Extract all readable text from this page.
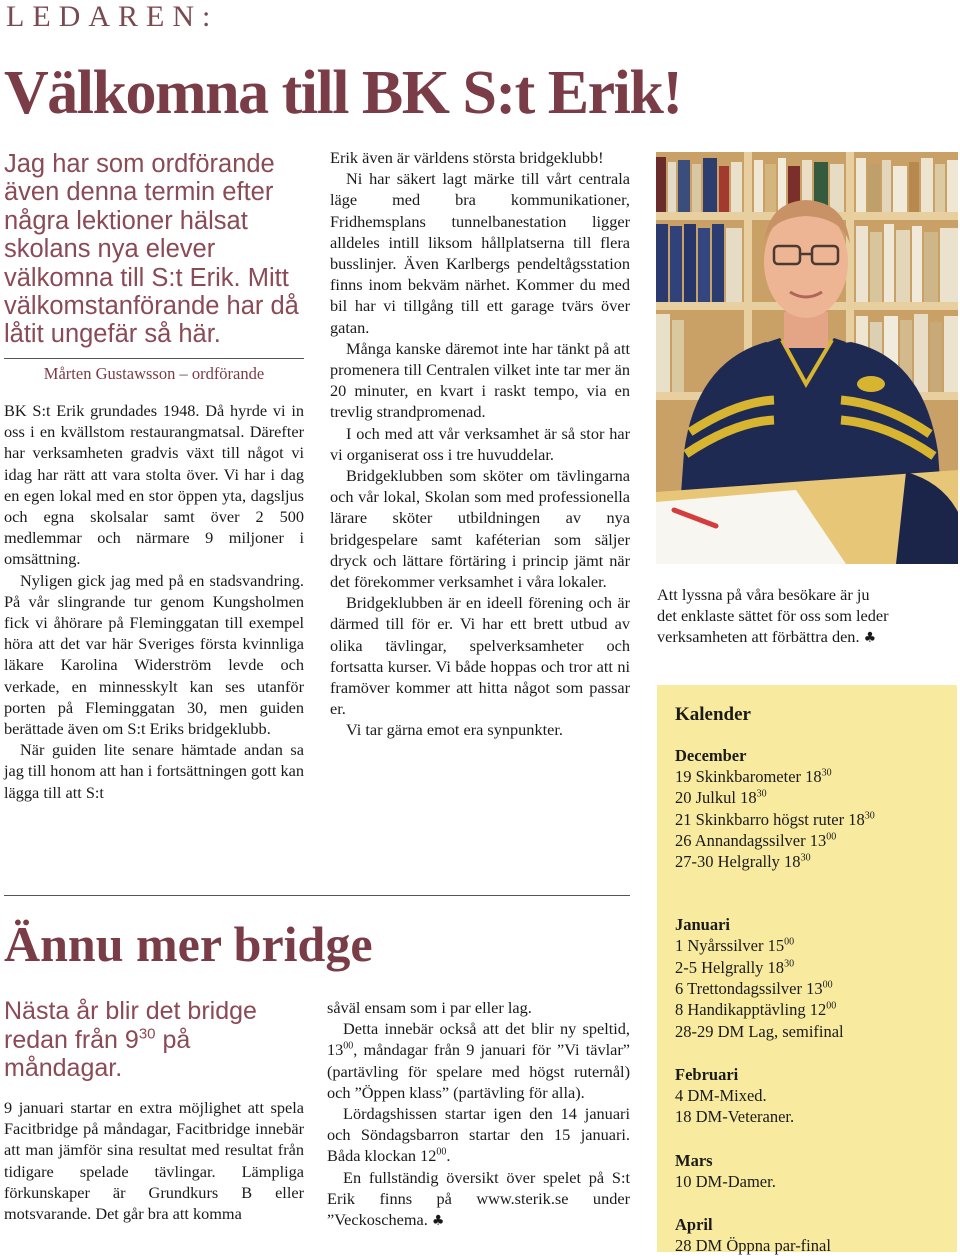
LEDAREN:
Välkomna till BK S:t Erik!
Jag har som ordförande även denna termin efter några lektioner hälsat skolans nya elever välkomna till S:t Erik. Mitt välkomstanförande har då låtit ungefär så här.
Mårten Gustawsson – ordförande

BK S:t Erik grundades 1948. Då hyrde vi in oss i en kvällstom restaurangmatsal. Därefter har verksamheten gradvis växt till något vi idag har rätt att vara stolta över. Vi har i dag en egen lokal med en stor öppen yta, dagsljus och egna skolsalar samt över 2 500 medlemmar och närmare 9 miljoner i omsättning.

Nyligen gick jag med på en stadsvandring. På vår slingrande tur genom Kungsholmen fick vi åhörare på Fleminggatan till exempel höra att det var här Sveriges första kvinnliga läkare Karolina Widerström levde och verkade, en minnesskylt kan ses utanför porten på Fleminggatan 30, men guiden berättade även om S:t Eriks bridgeklubb.

När guiden lite senare hämtade andan sa jag till honom att han i fortsättningen gott kan lägga till att S:t

Erik även är världens största bridgeklubb!

Ni har säkert lagt märke till vårt centrala läge med bra kommunikationer, Fridhemsplans tunnelbanestation ligger alldeles intill liksom hållplatserna till flera busslinjer. Även Karlbergs pendeltågsstation finns inom bekväm närhet. Kommer du med bil har vi tillgång till ett garage tvärs över gatan.

Många kanske däremot inte har tänkt på att promenera till Centralen vilket inte tar mer än 20 minuter, en kvart i raskt tempo, via en trevlig strandpromenad.

I och med att vår verksamhet är så stor har vi organiserat oss i tre huvuddelar.

Bridgeklubben som sköter om tävlingarna och vår lokal, Skolan som med professionella lärare sköter utbildningen av nya bridgespelare samt kaféterian som säljer dryck och lättare förtäring i princip jämt när det förekommer verksamhet i våra lokaler.

Bridgeklubben är en ideell förening och är därmed till för er. Vi har ett brett utbud av olika tävlingar, spelverksamheter och fortsatta kurser. Vi både hoppas och tror att ni framöver kommer att hitta något som passar er.

Vi tar gärna emot era synpunkter.

Att lyssna på våra besökare är ju
det enklaste sättet för oss som leder
verksamheten att förbättra den. ♣
Kalender
December
19 Skinkbarometer $18^{30}$
20 Julkul $18^{30}$
21 Skinkbarro högst ruter $18^{30}$
26 Annandagssilver $13^{00}$
27-30 Helgrally $18^{30}$
Januari
1 Nyårssilver $15^{00}$
2-5 Helgrally $18^{30}$
6 Trettondagssilver $13^{00}$
8 Handikapptävling $12^{00}$
28-29 DM Lag, semifinal
Februari
4 DM-Mixed.
18 DM-Veteraner.
Mars
10 DM-Damer.
April
28 DM Öppna par-final
Ännu mer bridge
Nästa år blir det bridge redan från $9^{30}$ på måndagar.

9 januari startar en extra möjlighet att spela Facitbridge på måndagar, Facitbridge innebär att man jämför sina resultat med resultat från tidigare spelade tävlingar. Lämpliga förkunskaper är Grundkurs B eller motsvarande. Det går bra att komma

såväl ensam som i par eller lag.

Detta innebär också att det blir ny speltid, $13^{00}$, måndagar från 9 januari för ”Vi tävlar” (partävling för spelare med högst ruternål) och ”Öppen klass” (partävling för alla).

Lördagshissen startar igen den 14 januari och Söndagsbarron startar den 15 januari. Båda klockan $12^{00}$.

En fullständig översikt över spelet på S:t Erik finns på www.sterik.se under ”Veckoschema. ♣
